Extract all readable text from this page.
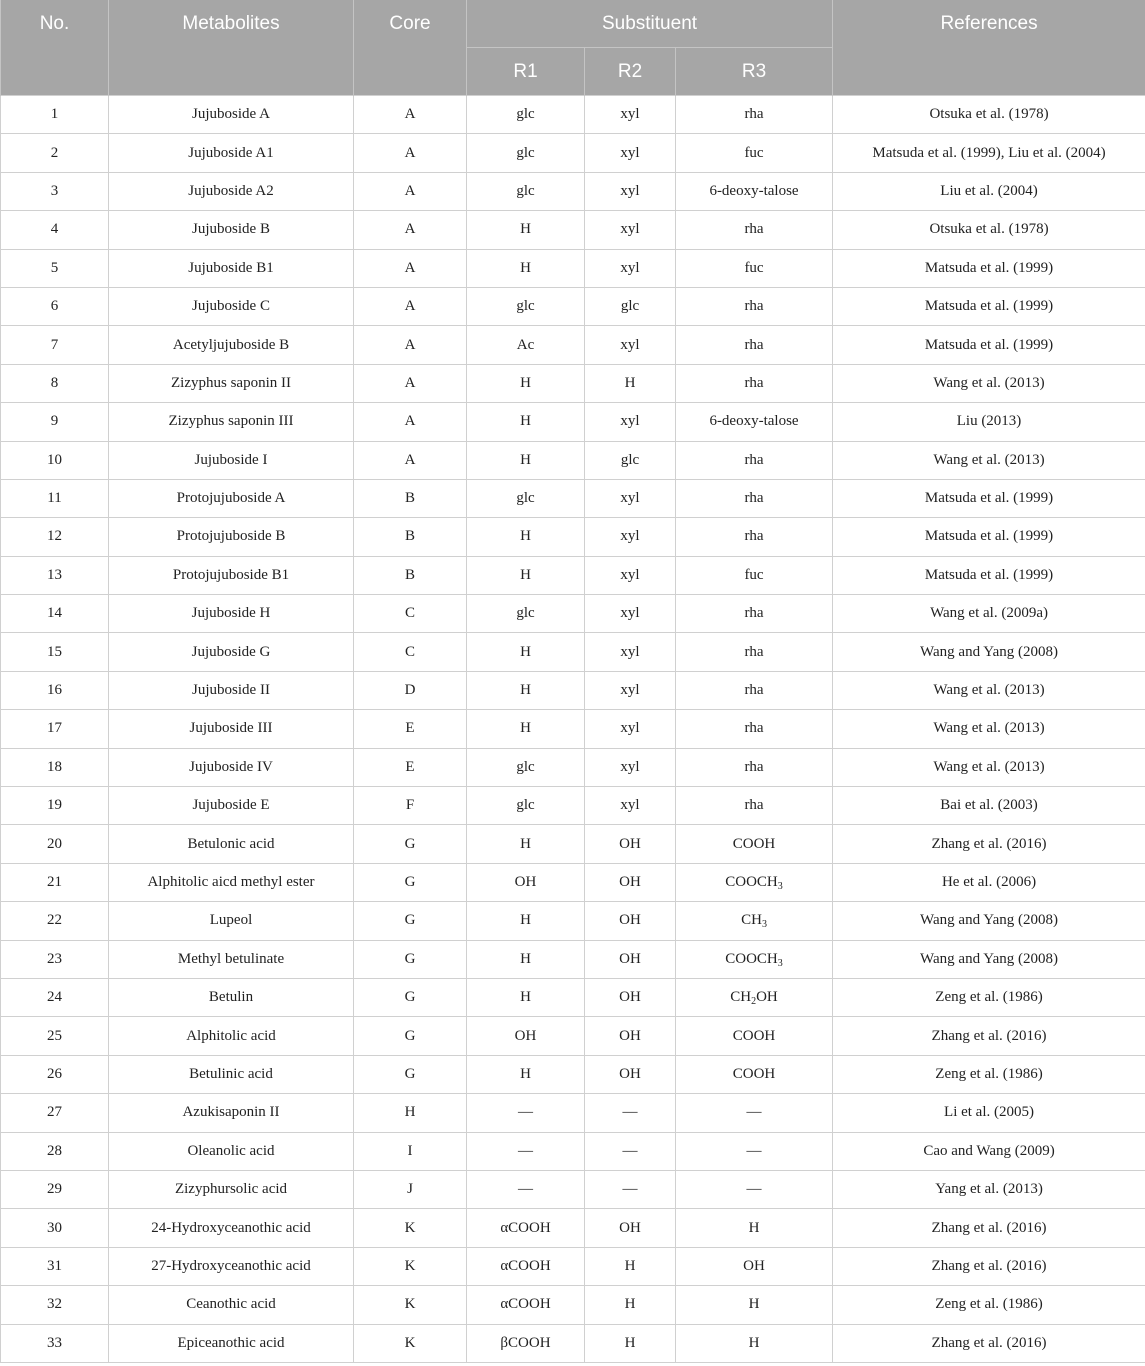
No.	Metabolites	Core	Substituent			References
			R1	R2	R3	
1	Jujuboside A	A	glc	xyl	rha	Otsuka et al. (1978)
2	Jujuboside A1	A	glc	xyl	fuc	Matsuda et al. (1999), Liu et al. (2004)
3	Jujuboside A2	A	glc	xyl	6-deoxy-talose	Liu et al. (2004)
4	Jujuboside B	A	H	xyl	rha	Otsuka et al. (1978)
5	Jujuboside B1	A	H	xyl	fuc	Matsuda et al. (1999)
6	Jujuboside C	A	glc	glc	rha	Matsuda et al. (1999)
7	Acetyljujuboside B	A	Ac	xyl	rha	Matsuda et al. (1999)
8	Zizyphus saponin II	A	H	H	rha	Wang et al. (2013)
9	Zizyphus saponin III	A	H	xyl	6-deoxy-talose	Liu (2013)
10	Jujuboside I	A	H	glc	rha	Wang et al. (2013)
11	Protojujuboside A	B	glc	xyl	rha	Matsuda et al. (1999)
12	Protojujuboside B	B	H	xyl	rha	Matsuda et al. (1999)
13	Protojujuboside B1	B	H	xyl	fuc	Matsuda et al. (1999)
14	Jujuboside H	C	glc	xyl	rha	Wang et al. (2009a)
15	Jujuboside G	C	H	xyl	rha	Wang and Yang (2008)
16	Jujuboside II	D	H	xyl	rha	Wang et al. (2013)
17	Jujuboside III	E	H	xyl	rha	Wang et al. (2013)
18	Jujuboside IV	E	glc	xyl	rha	Wang et al. (2013)
19	Jujuboside E	F	glc	xyl	rha	Bai et al. (2003)
20	Betulonic acid	G	H	OH	COOH	Zhang et al. (2016)
21	Alphitolic aicd methyl ester	G	OH	OH	$COOCH_3$	He et al. (2006)
22	Lupeol	G	H	OH	$CH_3$	Wang and Yang (2008)
23	Methyl betulinate	G	H	OH	$COOCH_3$	Wang and Yang (2008)
24	Betulin	G	H	OH	$CH_2OH$	Zeng et al. (1986)
25	Alphitolic acid	G	OH	OH	COOH	Zhang et al. (2016)
26	Betulinic acid	G	H	OH	COOH	Zeng et al. (1986)
27	Azukisaponin II	H	—	—	—	Li et al. (2005)
28	Oleanolic acid	I	—	—	—	Cao and Wang (2009)
29	Zizyphursolic acid	J	—	—	—	Yang et al. (2013)
30	24-Hydroxyceanothic acid	K	αCOOH	OH	H	Zhang et al. (2016)
31	27-Hydroxyceanothic acid	K	αCOOH	H	OH	Zhang et al. (2016)
32	Ceanothic acid	K	αCOOH	H	H	Zeng et al. (1986)
33	Epiceanothic acid	K	βCOOH	H	H	Zhang et al. (2016)
